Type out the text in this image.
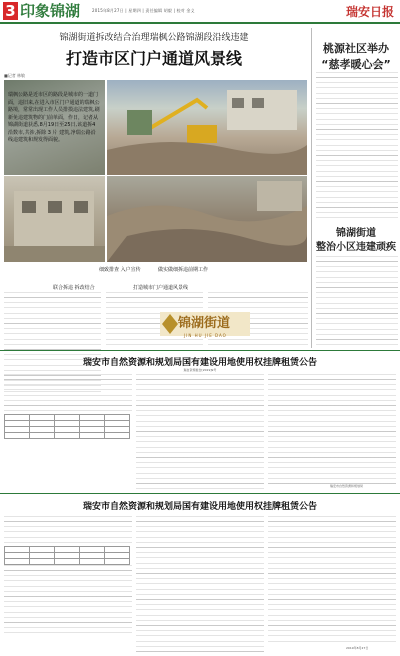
3 印象锦湖	2015年8月27日 | 星期四 | 责任编辑 胡毅 | 校对 金义	瑞安日报
锦湖街道拆改结合治理瑞枫公路锦湖段沿线违建
打造市区门户通道风景线
■记者 林敏
瑞枫公路是近市区的路段是城市的一道门面，违旧来,在进入市区门户通道的瑞枫公路境，常常出现工作人员排摸违法建筑,刷新免违建筑物的门前单面，作日，记者从锦湖街道获悉,8月19日至25日,该道拆4 沿数市,共涉,拆除 3 片 建筑,净瑞公路沿线违建筑和规发得面貌。
细致排查 入户宣传	做实做细拆违前期工作
联合拆违 拆改结合	打造城市门户通道风景线
锦湖街道
JIN HU JIE DAO
桃源社区举办
“慈孝暖心会”
锦湖街道
整治小区违建顽疾
瑞安市自然资源和规划局国有建设用地使用权挂牌租赁公告
瑞自资规租告[2019]9号

瑞安市自然资源和规划局
瑞安市自然资源和规划局国有建设用地使用权挂牌租赁公告

2019年8月27日
